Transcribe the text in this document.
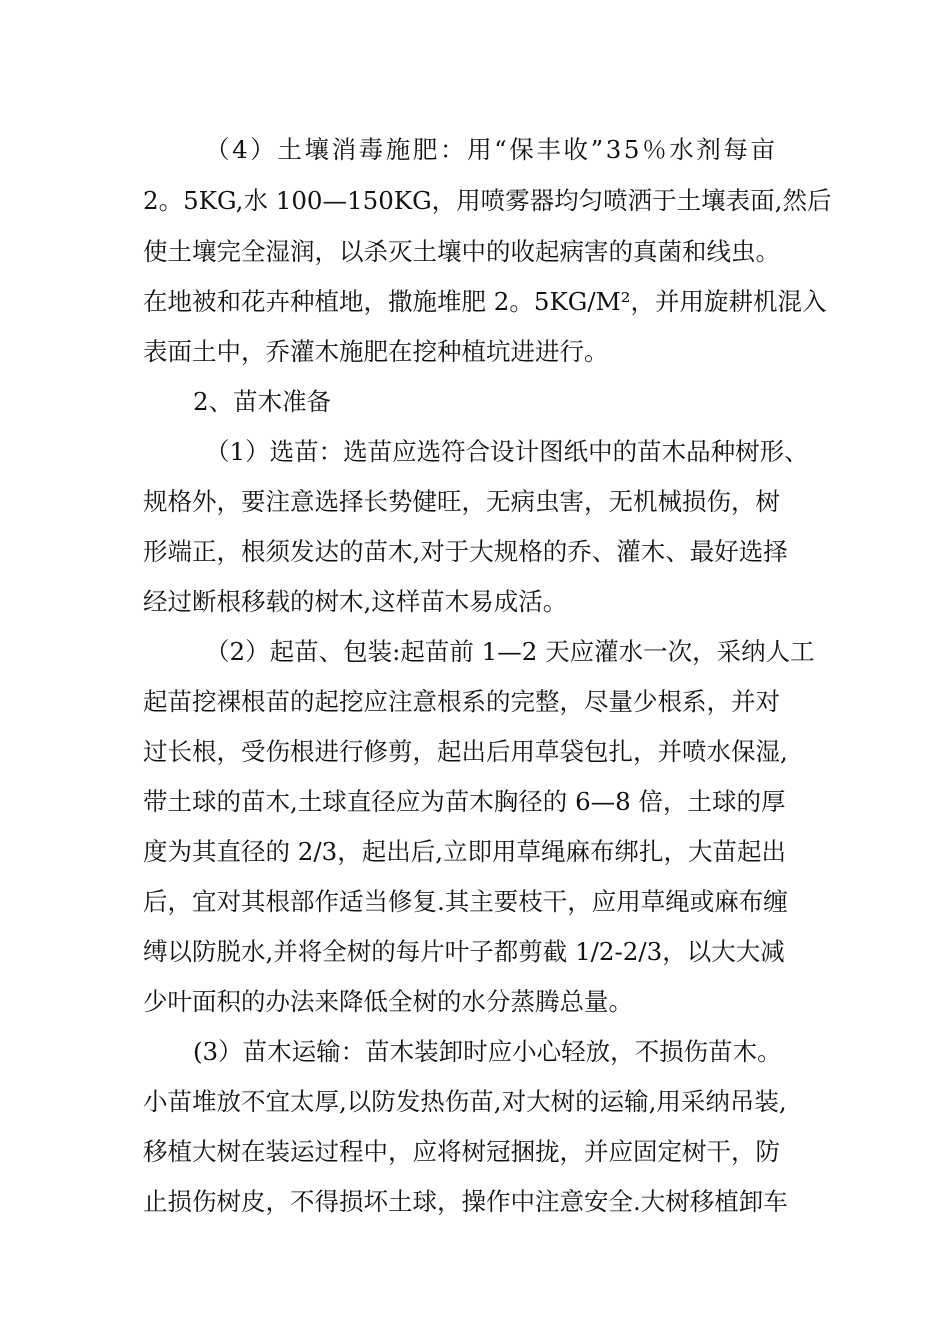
（4）土壤消毒施肥：用“保丰收”35％水剂每亩
2。5KG,水 100—150KG，用喷雾器均匀喷洒于土壤表面,然后
使土壤完全湿润，以杀灭土壤中的收起病害的真菌和线虫。
在地被和花卉种植地，撒施堆肥 2。5KG/M²，并用旋耕机混入
表面土中，乔灌木施肥在挖种植坑进进行。
2、苗木准备
（1）选苗：选苗应选符合设计图纸中的苗木品种树形、
规格外，要注意选择长势健旺，无病虫害，无机械损伤，树
形端正，根须发达的苗木,对于大规格的乔、灌木、最好选择
经过断根移载的树木,这样苗木易成活。
（2）起苗、包装:起苗前 1—2 天应灌水一次，采纳人工
起苗挖裸根苗的起挖应注意根系的完整，尽量少根系，并对
过长根，受伤根进行修剪，起出后用草袋包扎，并喷水保湿,
带土球的苗木,土球直径应为苗木胸径的 6—8 倍，土球的厚
度为其直径的 2/3，起出后,立即用草绳麻布绑扎，大苗起出
后，宜对其根部作适当修复.其主要枝干，应用草绳或麻布缠
缚以防脱水,并将全树的每片叶子都剪截 1/2-2/3，以大大减
少叶面积的办法来降低全树的水分蒸腾总量。
(3）苗木运输：苗木装卸时应小心轻放，不损伤苗木。
小苗堆放不宜太厚,以防发热伤苗,对大树的运输,用采纳吊装,
移植大树在装运过程中，应将树冠捆拢，并应固定树干，防
止损伤树皮，不得损坏土球，操作中注意安全.大树移植卸车
